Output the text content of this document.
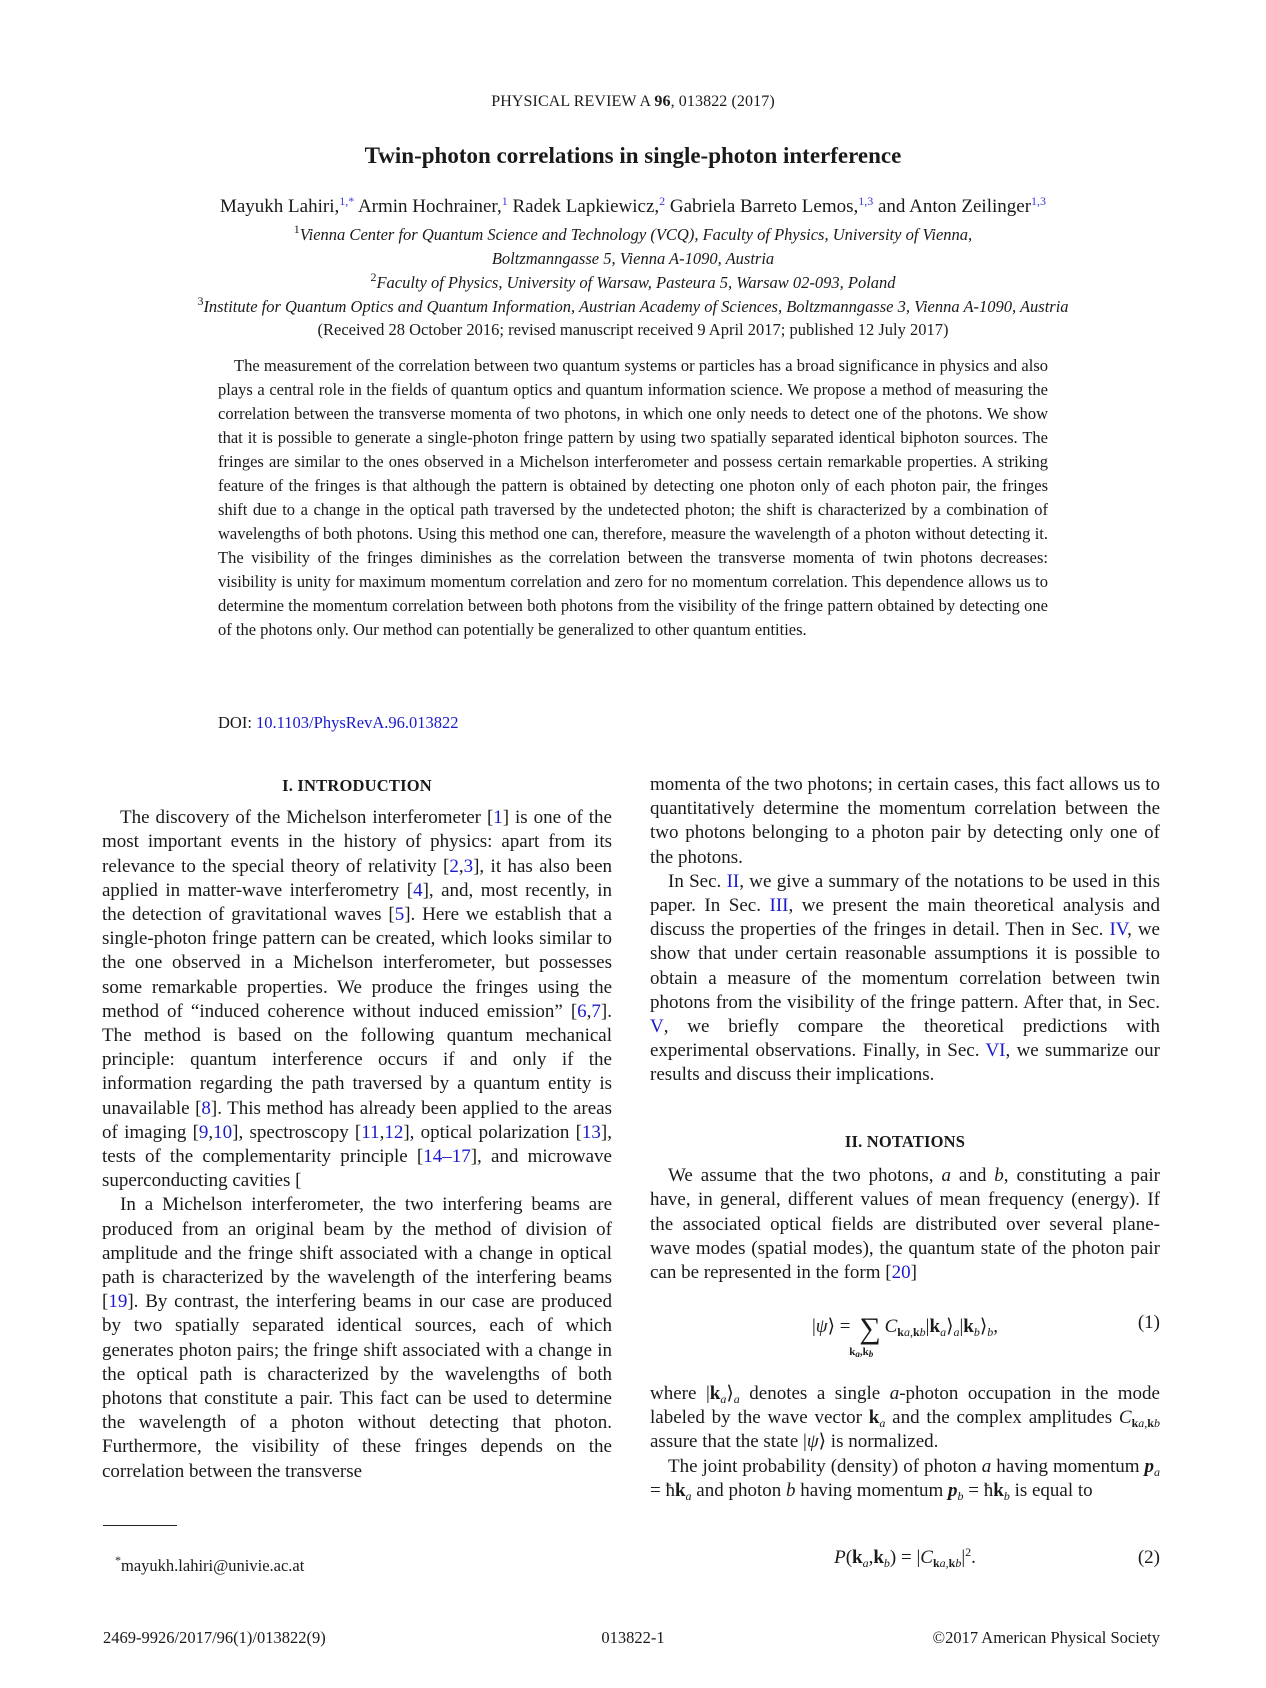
PHYSICAL REVIEW A 96, 013822 (2017)
Twin-photon correlations in single-photon interference
Mayukh Lahiri,$^{1,*}$ Armin Hochrainer,$^1$ Radek Lapkiewicz,$^2$ Gabriela Barreto Lemos,$^{1,3}$ and Anton Zeilinger$^{1,3}$
$^1$Vienna Center for Quantum Science and Technology (VCQ), Faculty of Physics, University of Vienna,
Boltzmanngasse 5, Vienna A-1090, Austria
$^2$Faculty of Physics, University of Warsaw, Pasteura 5, Warsaw 02-093, Poland
$^3$Institute for Quantum Optics and Quantum Information, Austrian Academy of Sciences, Boltzmanngasse 3, Vienna A-1090, Austria
(Received 28 October 2016; revised manuscript received 9 April 2017; published 12 July 2017)
The measurement of the correlation between two quantum systems or particles has a broad significance in physics and also plays a central role in the fields of quantum optics and quantum information science. We propose a method of measuring the correlation between the transverse momenta of two photons, in which one only needs to detect one of the photons. We show that it is possible to generate a single-photon fringe pattern by using two spatially separated identical biphoton sources. The fringes are similar to the ones observed in a Michelson interferometer and possess certain remarkable properties. A striking feature of the fringes is that although the pattern is obtained by detecting one photon only of each photon pair, the fringes shift due to a change in the optical path traversed by the undetected photon; the shift is characterized by a combination of wavelengths of both photons. Using this method one can, therefore, measure the wavelength of a photon without detecting it. The visibility of the fringes diminishes as the correlation between the transverse momenta of twin photons decreases: visibility is unity for maximum momentum correlation and zero for no momentum correlation. This dependence allows us to determine the momentum correlation between both photons from the visibility of the fringe pattern obtained by detecting one of the photons only. Our method can potentially be generalized to other quantum entities.
DOI: 10.1103/PhysRevA.96.013822
I. INTRODUCTION

The discovery of the Michelson interferometer [1] is one of the most important events in the history of physics: apart from its relevance to the special theory of relativity [2,3], it has also been applied in matter-wave interferometry [4], and, most recently, in the detection of gravitational waves [5]. Here we establish that a single-photon fringe pattern can be created, which looks similar to the one observed in a Michelson interferometer, but possesses some remarkable properties. We produce the fringes using the method of “induced coherence without induced emission” [6,7]. The method is based on the following quantum mechanical principle: quantum interference occurs if and only if the information regarding the path traversed by a quantum entity is unavailable [8]. This method has already been applied to the areas of imaging [9,10], spectroscopy [11,12], optical polarization [13], tests of the complementarity principle [14–17], and microwave superconducting cavities [

In a Michelson interferometer, the two interfering beams are produced from an original beam by the method of division of amplitude and the fringe shift associated with a change in optical path is characterized by the wavelength of the interfering beams [19]. By contrast, the interfering beams in our case are produced by two spatially separated identical sources, each of which generates photon pairs; the fringe shift associated with a change in the optical path is characterized by the wavelengths of both photons that constitute a pair. This fact can be used to determine the wavelength of a photon without detecting that photon. Furthermore, the visibility of these fringes depends on the correlation between the transverse

*mayukh.lahiri@univie.ac.at

momenta of the two photons; in certain cases, this fact allows us to quantitatively determine the momentum correlation between the two photons belonging to a photon pair by detecting only one of the photons.

In Sec. II, we give a summary of the notations to be used in this paper. In Sec. III, we present the main theoretical analysis and discuss the properties of the fringes in detail. Then in Sec. IV, we show that under certain reasonable assumptions it is possible to obtain a measure of the momentum correlation between twin photons from the visibility of the fringe pattern. After that, in Sec. V, we briefly compare the theoretical predictions with experimental observations. Finally, in Sec. VI, we summarize our results and discuss their implications.

II. NOTATIONS

We assume that the two photons, a and b, constituting a pair have, in general, different values of mean frequency (energy). If the associated optical fields are distributed over several plane-wave modes (spatial modes), the quantum state of the photon pair can be represented in the form [20]

|ψ⟩ = ∑
ka,kb
$C_{ka,kb}|k_a⟩_a|k_b⟩_b$,	(1)

where $|k_a⟩_a$ denotes a single a-photon occupation in the mode labeled by the wave vector $k_a$ and the complex amplitudes $C_{ka,kb}$ assure that the state |ψ⟩ is normalized.

The joint probability (density) of photon a having momentum $p_a$ = $ħk_a$ and photon b having momentum $p_b$ = $ħk_b$ is equal to

$P(k_a,k_b) = |C_{ka,kb}|^2$.	(2)
2469-9926/2017/96(1)/013822(9)	013822-1	©2017 American Physical Society
